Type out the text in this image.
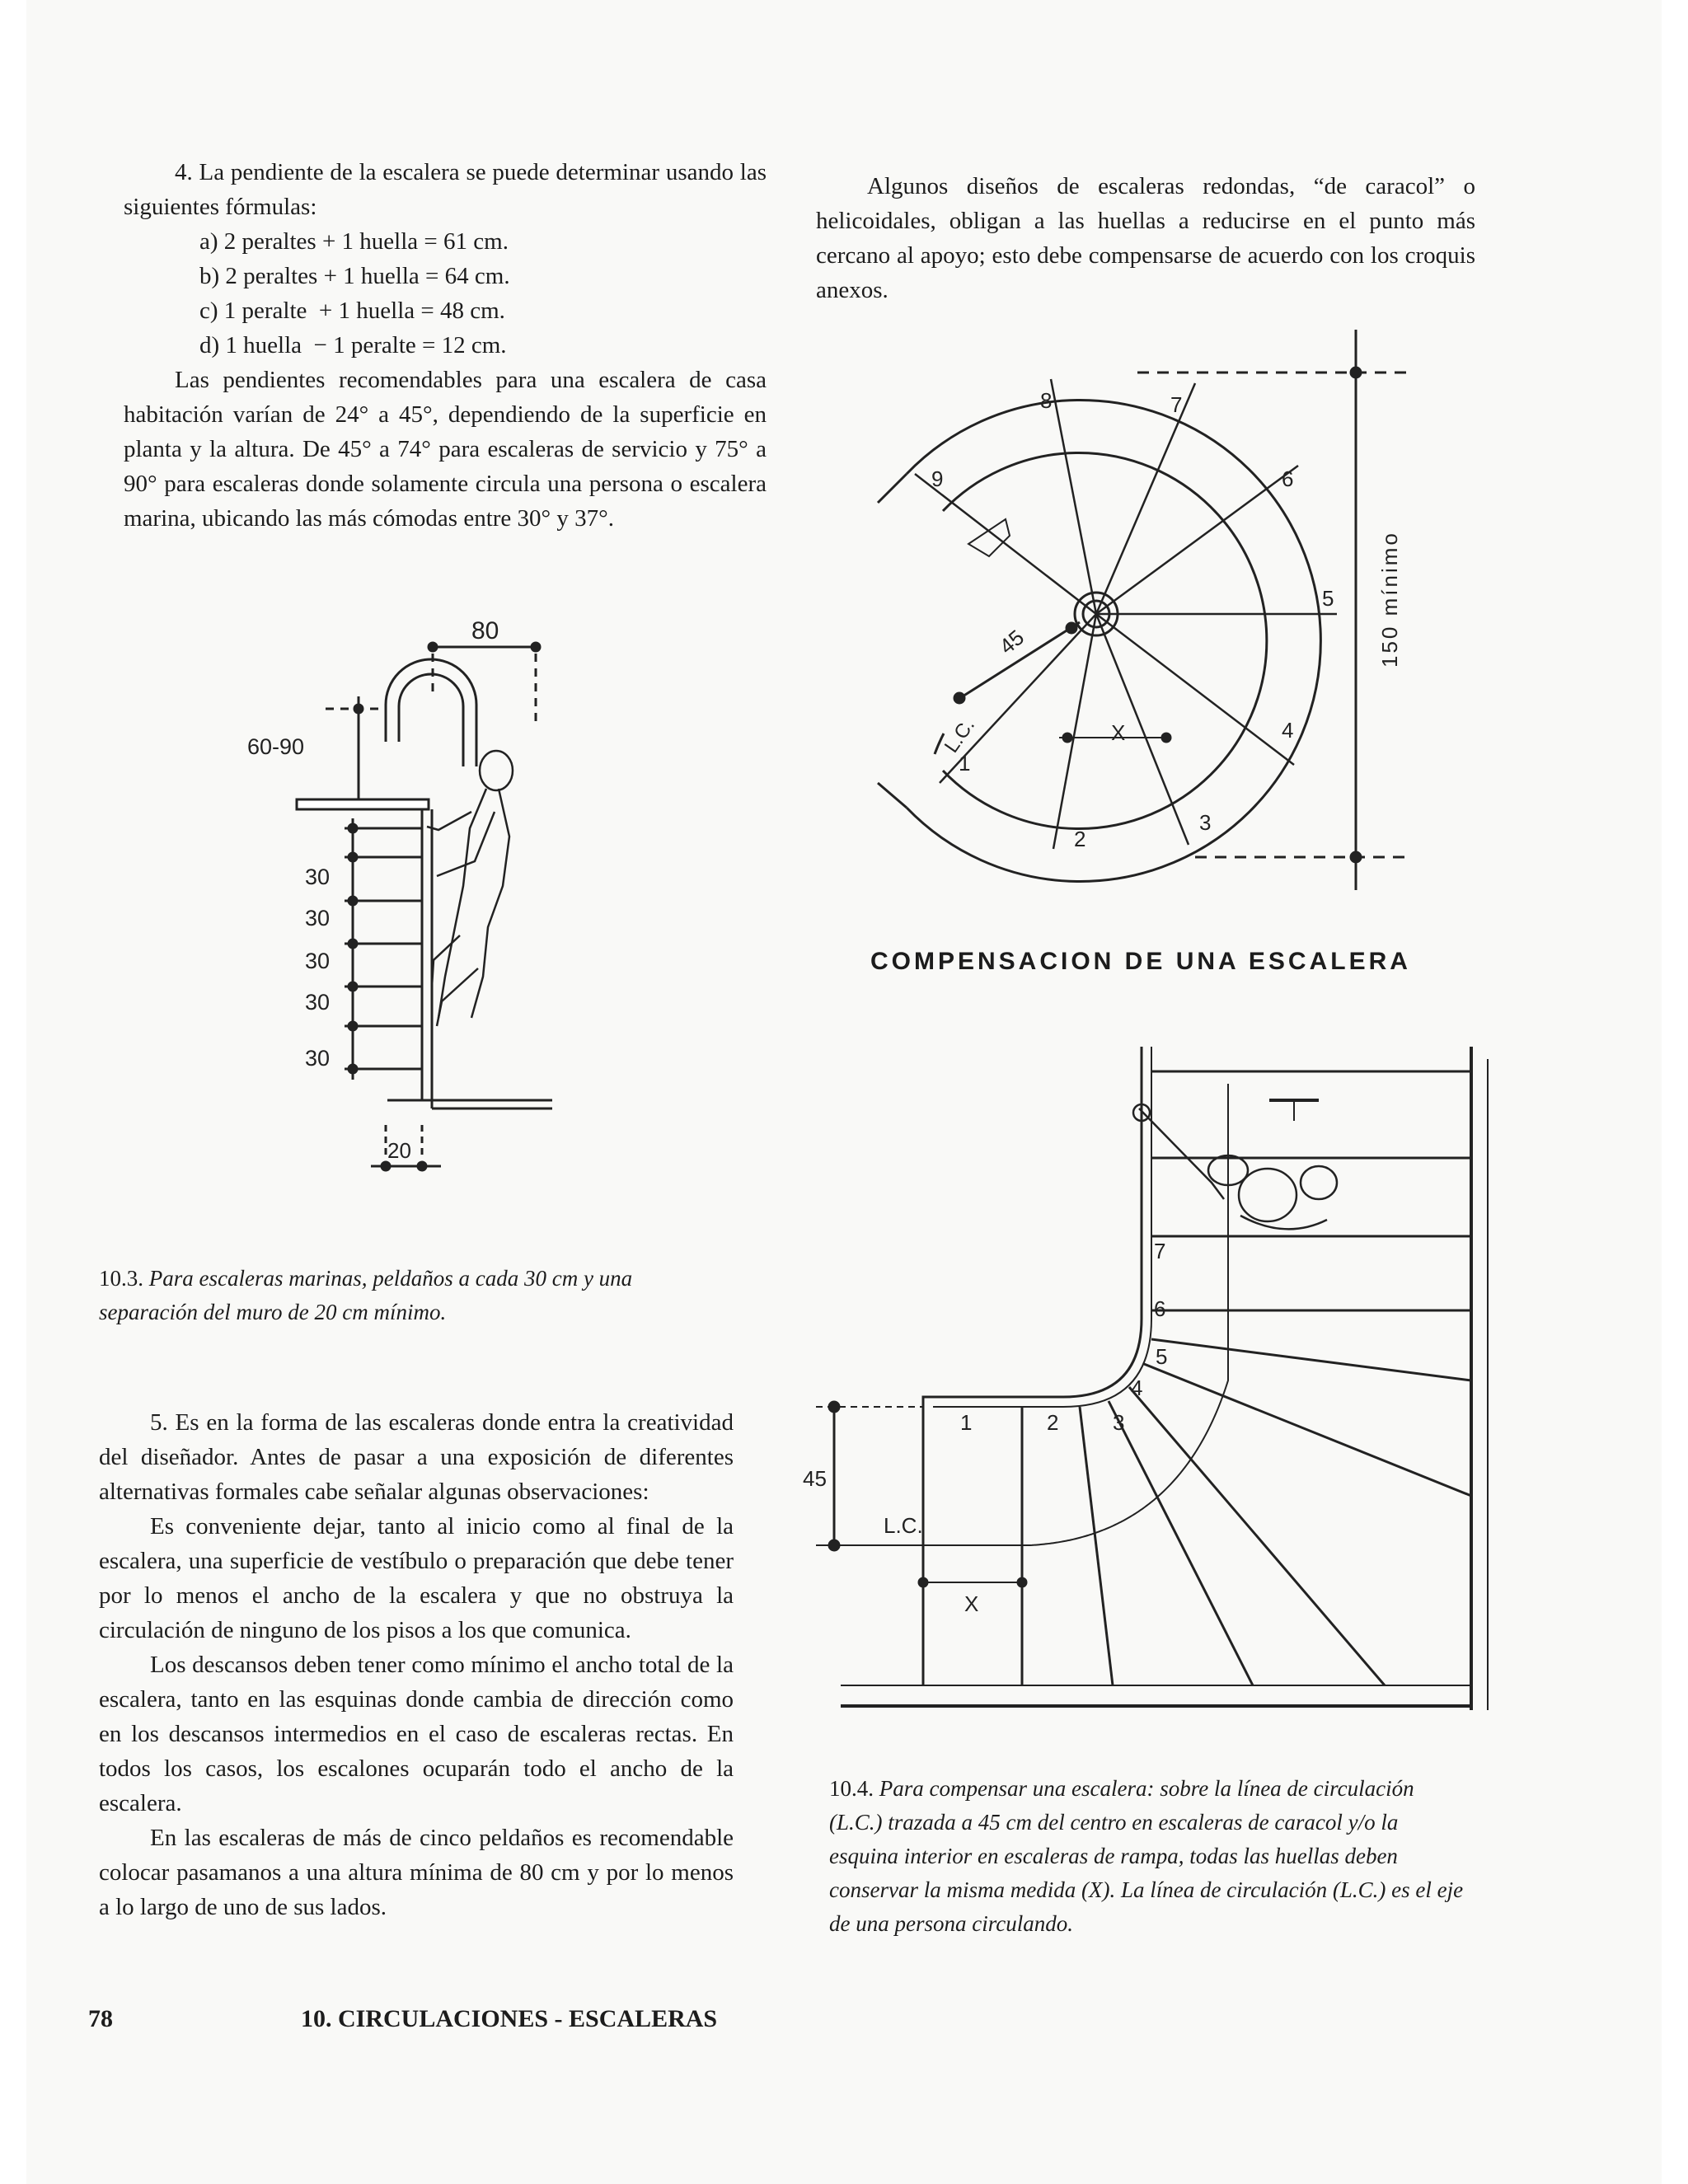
4. La pendiente de la escalera se puede determinar usando las siguientes fórmulas:

a) 2 peraltes + 1 huella = 61 cm.
b) 2 peraltes + 1 huella = 64 cm.
c) 1 peralte  + 1 huella = 48 cm.
d) 1 huella  − 1 peralte = 12 cm.

Las pendientes recomendables para una escalera de casa habitación varían de 24° a 45°, dependiendo de la superficie en planta y la altura. De 45° a 74° para escaleras de servicio y 75° a 90° para escaleras donde solamente circula una persona o escalera marina, ubicando las más cómodas entre 30° y 37°.

80
60-90
30
30
30
30
30
20
10.3. Para escaleras marinas, peldaños a cada 30 cm y una separación del muro de 20 cm mínimo.

5. Es en la forma de las escaleras donde entra la creatividad del diseñador. Antes de pasar a una exposición de diferentes alternativas formales cabe señalar algunas observaciones:

Es conveniente dejar, tanto al inicio como al final de la escalera, una superficie de vestíbulo o preparación que debe tener por lo menos el ancho de la escalera y que no obstruya la circulación de ninguno de los pisos a los que comunica.

Los descansos deben tener como mínimo el ancho total de la escalera, tanto en las esquinas donde cambia de dirección como en los descansos intermedios en el caso de escaleras rectas. En todos los casos, los escalones ocuparán todo el ancho de la escalera.

En las escaleras de más de cinco peldaños es recomendable colocar pasamanos a una altura mínima de 80 cm y por lo menos a lo largo de uno de sus lados.

Algunos diseños de escaleras redondas, “de caracol” o helicoidales, obligan a las huellas a reducirse en el punto más cercano al apoyo; esto debe compensarse de acuerdo con los croquis anexos.

150 mínimo
1
2
3
4
5
6
7
8
9
45
L.C.	X
COMPENSACION DE UNA ESCALERA
1	2	3
4
5
6
7
45
L.C.
X
10.4. Para compensar una escalera: sobre la línea de circulación (L.C.) trazada a 45 cm del centro en escaleras de caracol y/o la esquina interior en escaleras de rampa, todas las huellas deben conservar la misma medida (X). La línea de circulación (L.C.) es el eje de una persona circulando.
78	10. CIRCULACIONES - ESCALERAS
